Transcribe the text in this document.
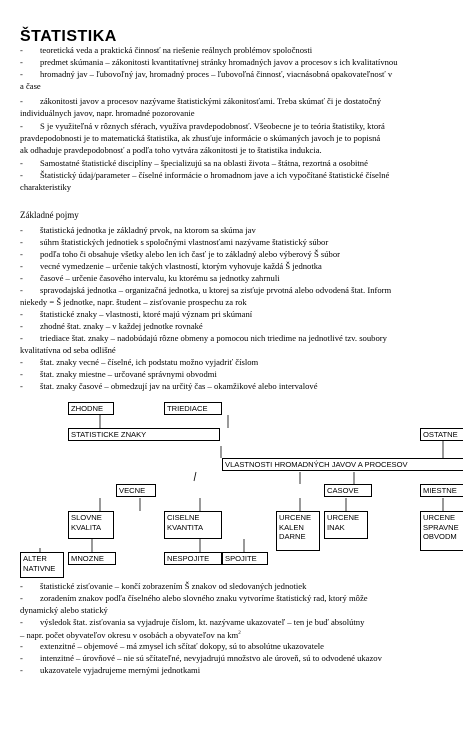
ŠTATISTIKA
- teoretická veda a praktická činnosť na riešenie reálnych problémov spoločnosti
- predmet skúmania – zákonitosti kvantitatívnej stránky hromadných javov a procesov s ich kvalitatívnou
- hromadný jav – ľubovoľný jav, hromadný proces – ľubovoľná činnosť, viacnásobná opakovateľnosť v
a čase
- zákonitosti javov a procesov nazývame štatistickými zákonitosťami. Treba skúmať či je dostatočný
individuálnych javov, napr. hromadné pozorovanie
- S je využiteľná v rôznych sférach, využíva pravdepodobnosť. Všeobecne je to teória štatistiky, ktorá
pravdepodobnosti je to matematická štatistika, ak zhusťuje informácie o skúmaných javoch je to popisná
ak odhaduje pravdepodobnosť a podľa toho vytvára zákonitosti je to štatistika indukcia.
- Samostatné štatistické disciplíny – špecializujú sa na oblasti života – štátna, rezortná a osobitné
- Štatistický údaj/parameter – číselné informácie o hromadnom jave a ich vypočítané štatistické číselné
charakteristiky
Základné pojmy
- štatistická jednotka je základný prvok, na ktorom sa skúma jav
- súhrn štatistických jednotiek s spoločnými vlastnosťami nazývame štatistický súbor
- podľa toho či obsahuje všetky alebo len ich časť je to základný alebo výberový Š súbor
- vecné vymedzenie – určenie takých vlastností, ktorým vyhovuje každá Š jednotka
- časové – určenie časového intervalu, ku ktorému sa jednotky zahrnuli
- spravodajská jednotka – organizačná jednotka, u ktorej sa zisťuje prvotná alebo odvodená štat. Inform
niekedy = Š jednotke, napr. študent – zisťovanie prospechu za rok
- štatistické znaky – vlastnosti, ktoré majú význam pri skúmaní
- zhodné štat. znaky – v každej jednotke rovnaké
- triediace štat. znaky – nadobúdajú rôzne obmeny a pomocou nich triedime na jednotlivé tzv. soubory
kvalitatívna od seba odlišné
- štat. znaky vecné – číselné, ich podstatu možno vyjadriť číslom
- štat. znaky miestne – určované správnymi obvodmi
- štat. znaky časové – obmedzují jav na určitý čas – okamžikové alebo intervalové
ZHODNE	TRIEDIACE
STATISTICKE ZNAKY	OSTATNE
VLASTNOSTI HROMADNÝCH JAVOV A PROCESOV
VECNE	CASOVE	MIESTNE
SLOVNE KVALITA
CISELNE KVANTITA
URCENE KALEN DARNE
URCENE INAK
URCENE SPRAVNE OBVODM
ALTER NATIVNE
MNOZNE	NESPOJITE	SPOJITE
- štatistické zisťovanie – končí zobrazením Š znakov od sledovaných jednotiek
- zoradením znakov podľa číselného alebo slovného znaku vytvoríme štatistický rad, ktorý môže
dynamický alebo statický
- výsledok štat. zisťovania sa vyjadruje číslom, kt. nazývame ukazovateľ – ten je buď absolútny
– napr. počet obyvateľov okresu v osobách a obyvateľov na $km^2$
- extenzitné – objemové – má zmysel ich sčítať dokopy, sú to absolútne ukazovatele
- intenzitné – úrovňové – nie sú sčítateľné, nevyjadrujú množstvo ale úroveň, sú to odvodené ukazov
- ukazovatele vyjadrujeme mernými jednotkami
